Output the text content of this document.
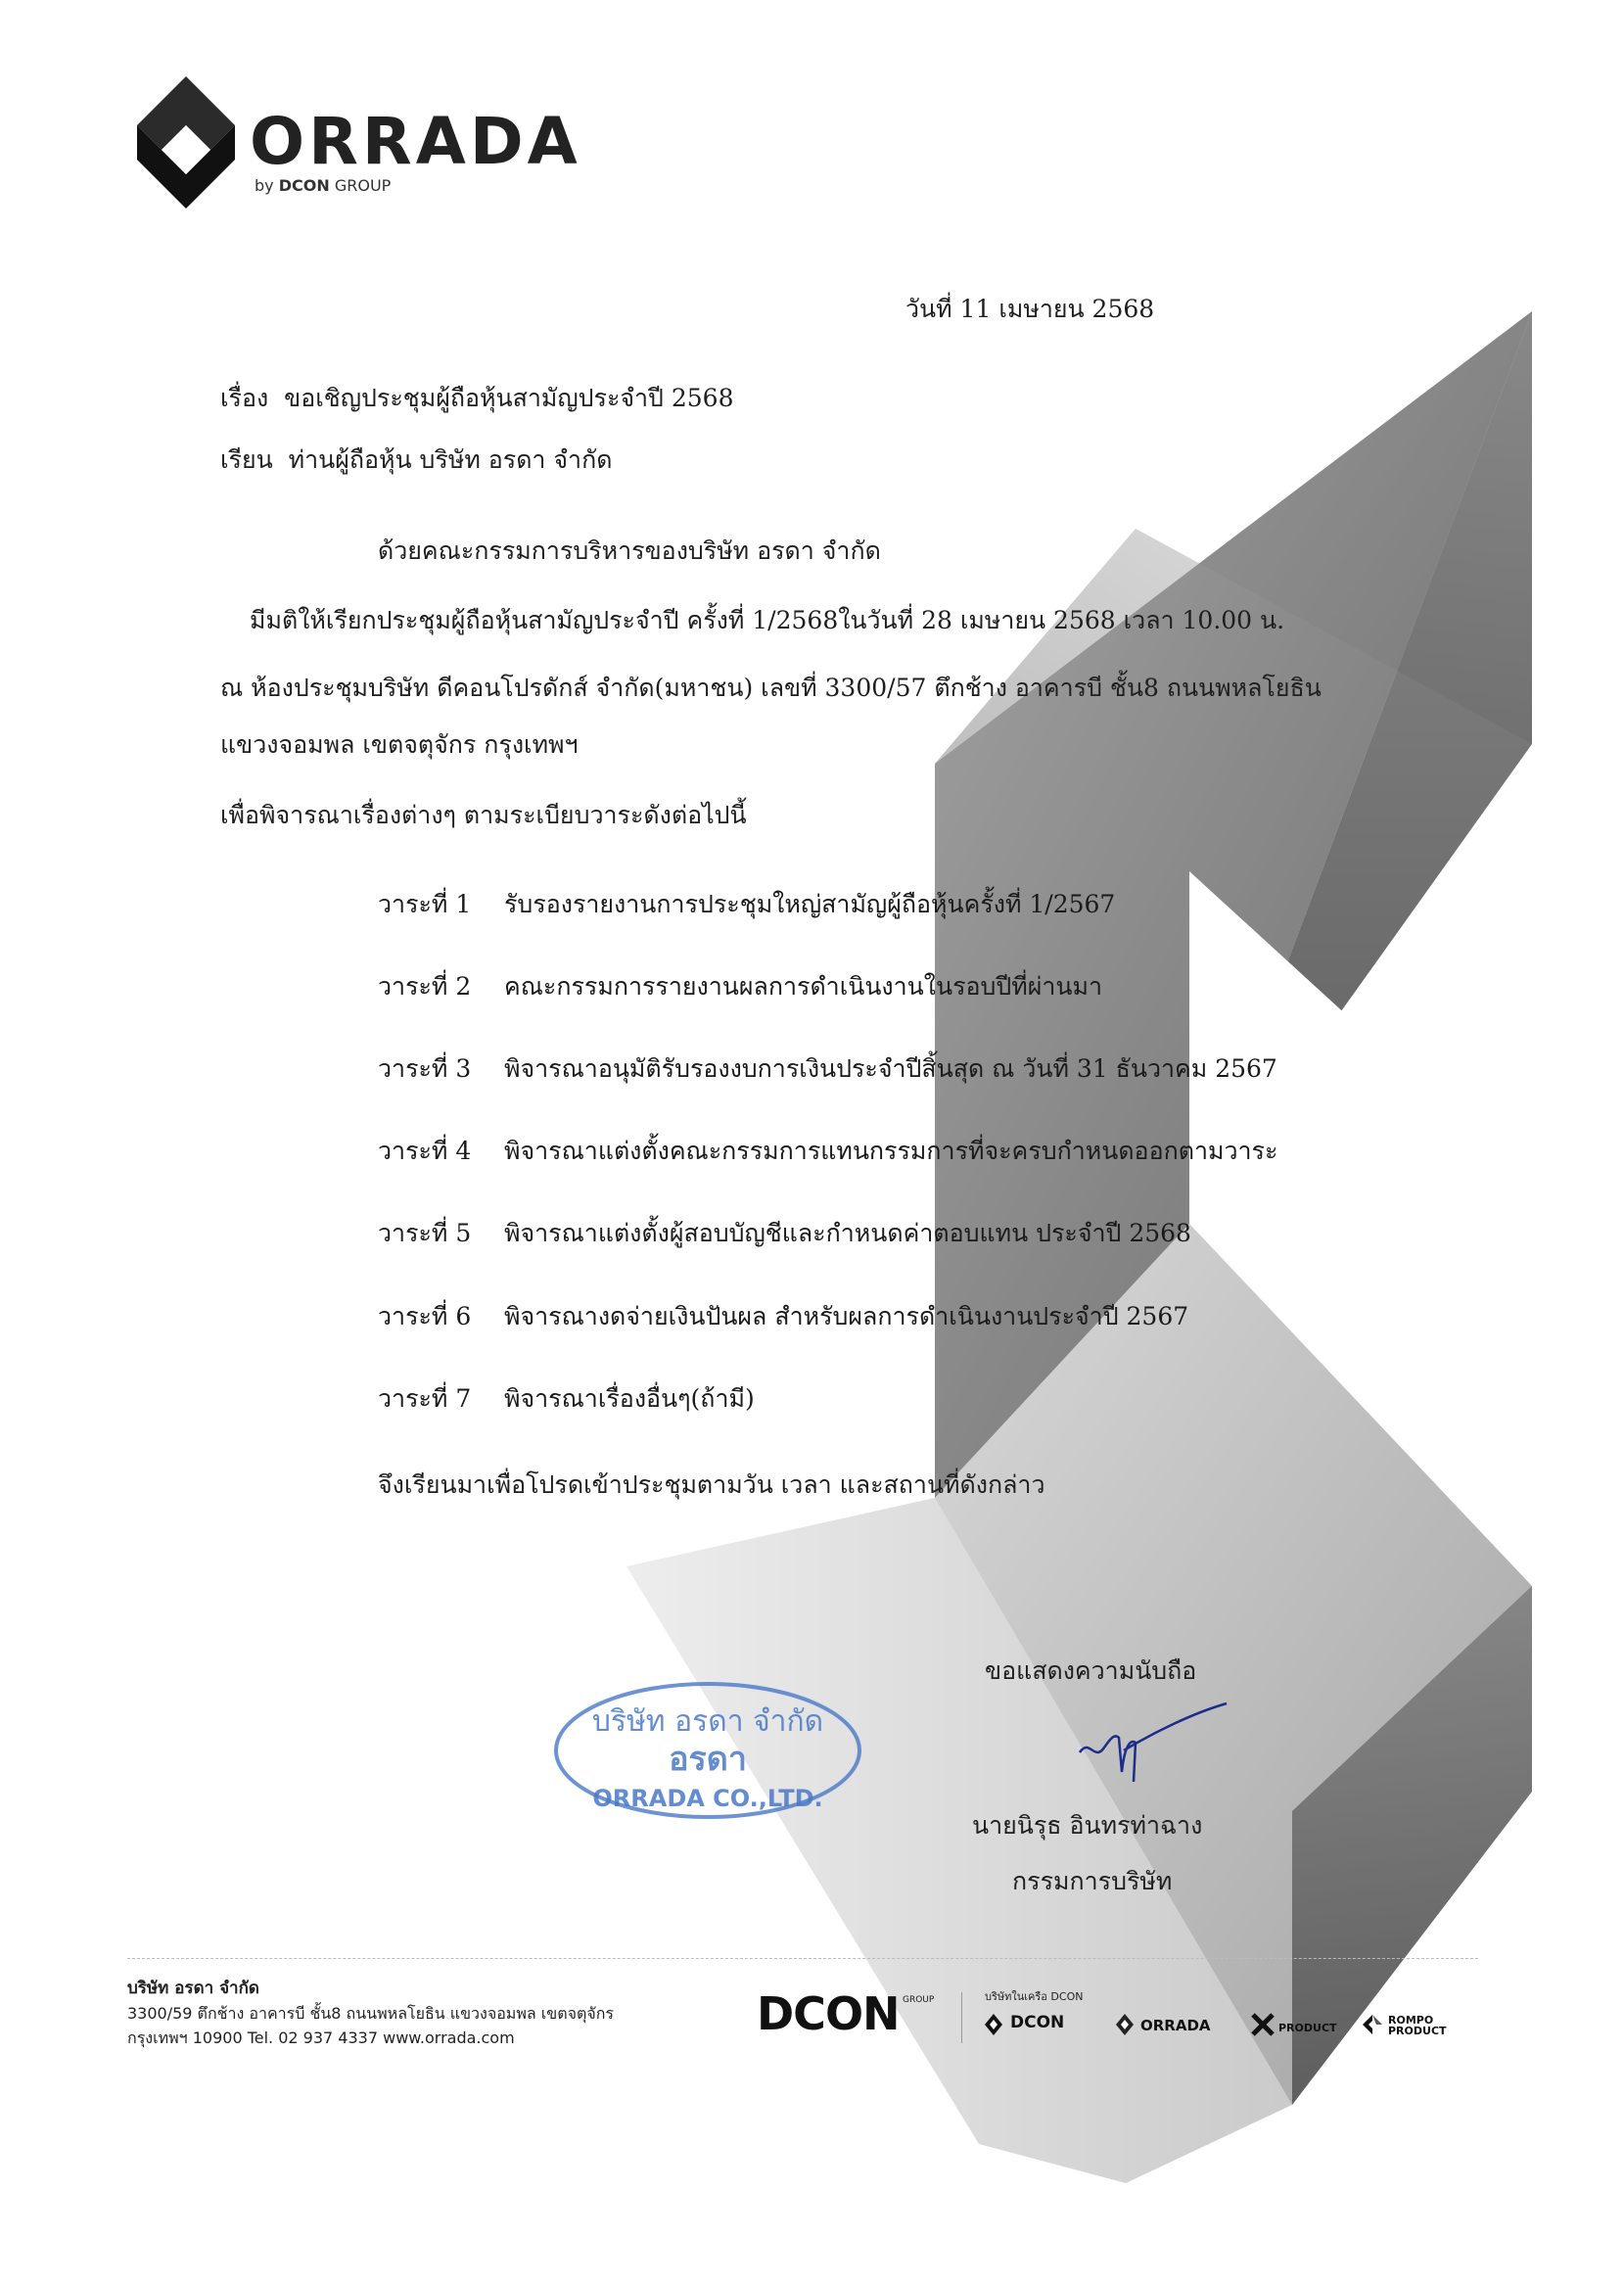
ORRADA
by DCON GROUP
วันที่ 11 เมษายน 2568
เรื่อง ขอเชิญประชุมผู้ถือหุ้นสามัญประจำปี 2568
เรียน ท่านผู้ถือหุ้น บริษัท อรดา จำกัด
ด้วยคณะกรรมการบริหารของบริษัท อรดา จำกัด
มีมติให้เรียกประชุมผู้ถือหุ้นสามัญประจำปี ครั้งที่ 1/2568ในวันที่ 28 เมษายน 2568 เวลา 10.00 น.
ณ ห้องประชุมบริษัท ดีคอนโปรดักส์ จำกัด(มหาชน) เลขที่ 3300/57 ตึกช้าง อาคารบี ชั้น8 ถนนพหลโยธิน
แขวงจอมพล เขตจตุจักร กรุงเทพฯ
เพื่อพิจารณาเรื่องต่างๆ ตามระเบียบวาระดังต่อไปนี้
วาระที่ 1 รับรองรายงานการประชุมใหญ่สามัญผู้ถือหุ้นครั้งที่ 1/2567
วาระที่ 2 คณะกรรมการรายงานผลการดำเนินงานในรอบปีที่ผ่านมา
วาระที่ 3 พิจารณาอนุมัติรับรองงบการเงินประจำปีสิ้นสุด ณ วันที่ 31 ธันวาคม 2567
วาระที่ 4 พิจารณาแต่งตั้งคณะกรรมการแทนกรรมการที่จะครบกำหนดออกตามวาระ
วาระที่ 5 พิจารณาแต่งตั้งผู้สอบบัญชีและกำหนดค่าตอบแทน ประจำปี 2568
วาระที่ 6 พิจารณางดจ่ายเงินปันผล สำหรับผลการดำเนินงานประจำปี 2567
วาระที่ 7 พิจารณาเรื่องอื่นๆ(ถ้ามี)
จึงเรียนมาเพื่อโปรดเข้าประชุมตามวัน เวลา และสถานที่ดังกล่าว
ขอแสดงความนับถือ
บริษัท อรดา จำกัด
อรดา
ORRADA CO.,LTD.
นายนิรุธ อินทรท่าฉาง
กรรมการบริษัท
บริษัท อรดา จำกัด
3300/59 ตึกช้าง อาคารบี ชั้น8 ถนนพหลโยธิน แขวงจอมพล เขตจตุจักร
กรุงเทพฯ 10900 Tel. 02 937 4337 www.orrada.com	DCON GROUP	บริษัทในเครือ DCON
DCON	ORRADA	PRODUCT
ROMPO
PRODUCT
